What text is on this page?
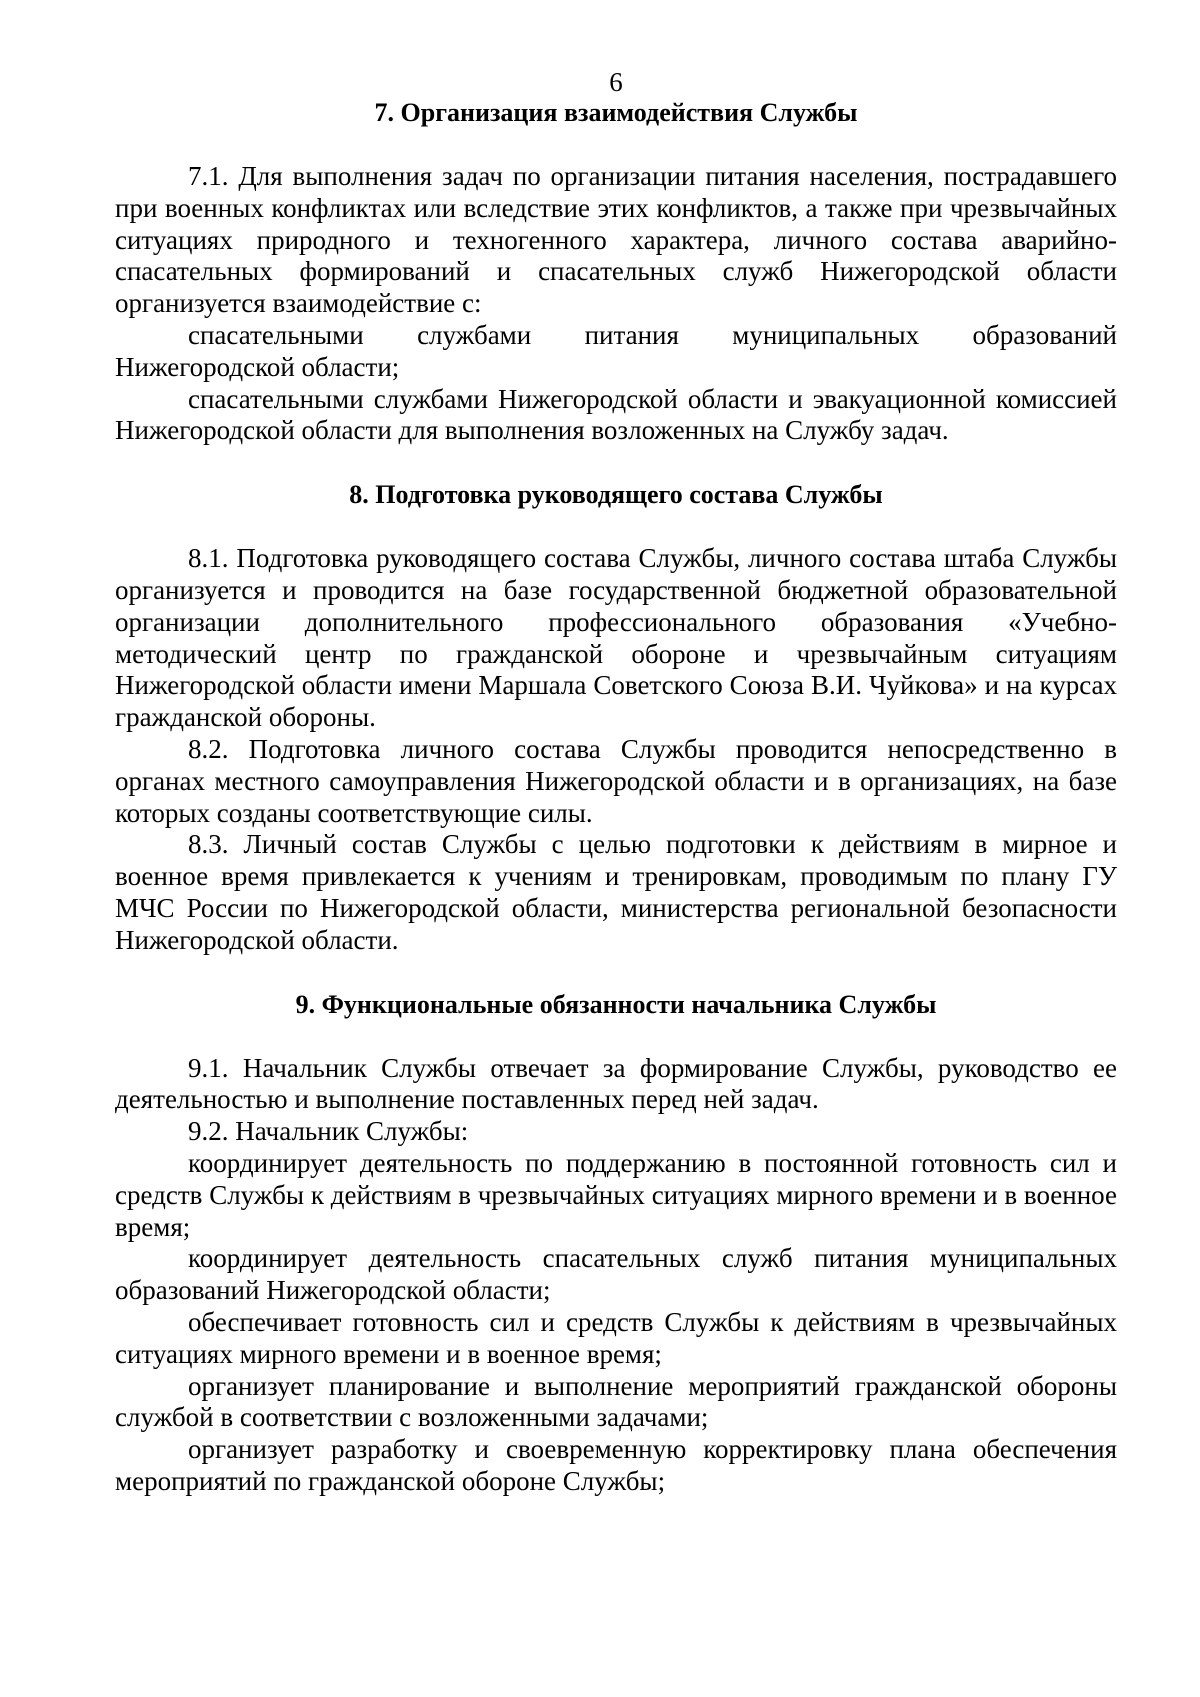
6
7. Организация взаимодействия Службы
7.1. Для выполнения задач по организации питания населения, пострадавшего при военных конфликтах или вследствие этих конфликтов, а также при чрезвычайных ситуациях природного и техногенного характера, личного состава аварийно-спасательных формирований и спасательных служб Нижегородской области организуется взаимодействие с:
спасательными службами питания муниципальных образований Нижегородской области;
спасательными службами Нижегородской области и эвакуационной комиссией Нижегородской области для выполнения возложенных на Службу задач.
8. Подготовка руководящего состава Службы
8.1. Подготовка руководящего состава Службы, личного состава штаба Службы организуется и проводится на базе государственной бюджетной образовательной организации дополнительного профессионального образования «Учебно-методический центр по гражданской обороне и чрезвычайным ситуациям Нижегородской области имени Маршала Советского Союза В.И. Чуйкова» и на курсах гражданской обороны.
8.2. Подготовка личного состава Службы проводится непосредственно в органах местного самоуправления Нижегородской области и в организациях, на базе которых созданы соответствующие силы.
8.3. Личный состав Службы с целью подготовки к действиям в мирное и военное время привлекается к учениям и тренировкам, проводимым по плану ГУ МЧС России по Нижегородской области, министерства региональной безопасности Нижегородской области.
9. Функциональные обязанности начальника Службы
9.1. Начальник Службы отвечает за формирование Службы, руководство ее деятельностью и выполнение поставленных перед ней задач.
9.2. Начальник Службы:
координирует деятельность по поддержанию в постоянной готовность сил и средств Службы к действиям в чрезвычайных ситуациях мирного времени и в военное время;
координирует деятельность спасательных служб питания муниципальных образований Нижегородской области;
обеспечивает готовность сил и средств Службы к действиям в чрезвычайных ситуациях мирного времени и в военное время;
организует планирование и выполнение мероприятий гражданской обороны службой в соответствии с возложенными задачами;
организует разработку и своевременную корректировку плана обеспечения мероприятий по гражданской обороне Службы;
